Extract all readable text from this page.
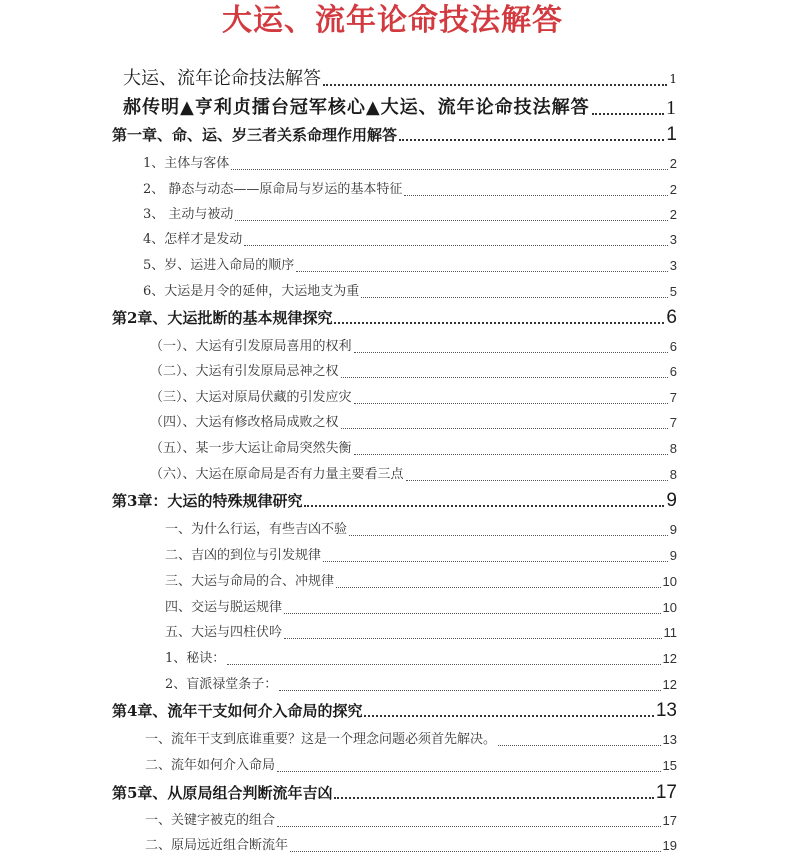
大运、流年论命技法解答
大运、流年论命技法解答	1
郝传明▲亨利贞擂台冠军核心▲大运、流年论命技法解答	1
第一章、命、运、岁三者关系命理作用解答	1
1、主体与客体	2
2、 静态与动态——原命局与岁运的基本特征	2
3、 主动与被动	2
4、怎样才是发动	3
5、岁、运进入命局的顺序	3
6、大运是月令的延伸，大运地支为重	5
第2章、大运批断的基本规律探究	6
（一）、大运有引发原局喜用的权利	6
（二）、大运有引发原局忌神之权	6
（三）、大运对原局伏藏的引发应灾	7
（四）、大运有修改格局成败之权	7
（五）、某一步大运让命局突然失衡	8
（六）、大运在原命局是否有力量主要看三点	8
第3章：大运的特殊规律研究	9
一、为什么行运，有些吉凶不验	9
二、吉凶的到位与引发规律	9
三、大运与命局的合、冲规律	10
四、交运与脱运规律	10
五、大运与四柱伏吟	11
1、秘诀：	12
2、盲派禄堂条子：	12
第4章、流年干支如何介入命局的探究	13
一、流年干支到底谁重要？这是一个理念问题必须首先解决。	13
二、流年如何介入命局	15
第5章、从原局组合判断流年吉凶	17
一、关键字被克的组合	17
二、原局远近组合断流年	19
